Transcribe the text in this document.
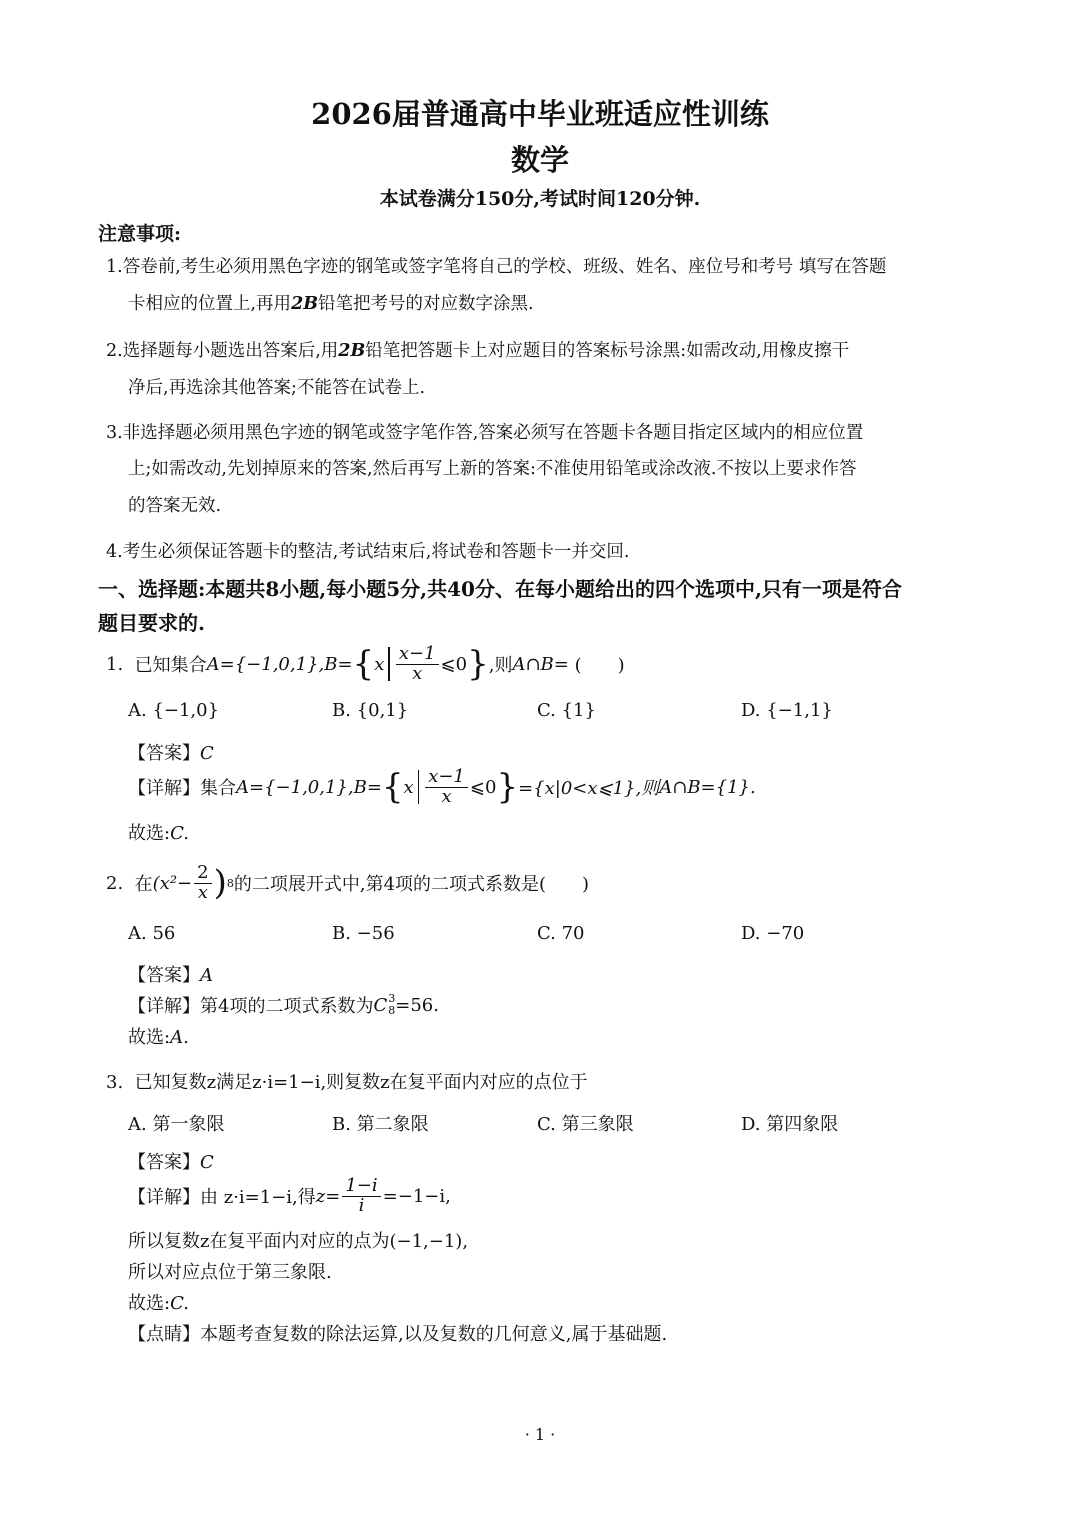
2026届普通高中毕业班适应性训练
数学
本试卷满分150分,考试时间120分钟.
注意事项:
1.答卷前,考生必须用黑色字迹的钢笔或签字笔将自己的学校、班级、姓名、座位号和考号 填写在答题
卡相应的位置上,再用2B铅笔把考号的对应数字涂黑.
2.选择题每小题选出答案后,用2B铅笔把答题卡上对应题目的答案标号涂黑:如需改动,用橡皮擦干
净后,再选涂其他答案;不能答在试卷上.
3.非选择题必须用黑色字迹的钢笔或签字笔作答,答案必须写在答题卡各题目指定区域内的相应位置
上;如需改动,先划掉原来的答案,然后再写上新的答案:不准使用铅笔或涂改液.不按以上要求作答
的答案无效.
4.考生必须保证答题卡的整洁,考试结束后,将试卷和答题卡一并交回.
一、选择题:本题共8小题,每小题5分,共40分、在每小题给出的四个选项中,只有一项是符合
题目要求的.
1.
已知集合 A={−1,0,1},B= { x $\frac{x-1}{x}$ ⩽0 } ,则 A∩B=
(　　)
A. {−1,0}	B. {0,1}	C. {1}	D. {−1,1}
【答案】C
【详解】 集合 A={−1,0,1},B= { x $\frac{x-1}{x}$ ⩽0 } ={x|0<x⩽1},则 A∩B={1}.
故选:C.
2.
在 ($x^2- \frac{2}{x}$ ) 8 的二项展开式中,第4项的二项式系数是(　　)
A. 56	B. −56	C. 70	D. −70
【答案】A
【详解】 第4项的二项式系数为 C 3
8 =56.
故选:A.
3. 已知复数z满足z·i=1−i,则复数z在复平面内对应的点位于
A. 第一象限	B. 第二象限	C. 第三象限	D. 第四象限
【答案】C
【详解】 由 z·i=1−i,得 $z= \frac{1-i}{i} =-1-i$,
所以复数z在复平面内对应的点为(−1,−1),
所以对应点位于第三象限.
故选:C.
【点睛】本题考查复数的除法运算,以及复数的几何意义,属于基础题.
· 1 ·
